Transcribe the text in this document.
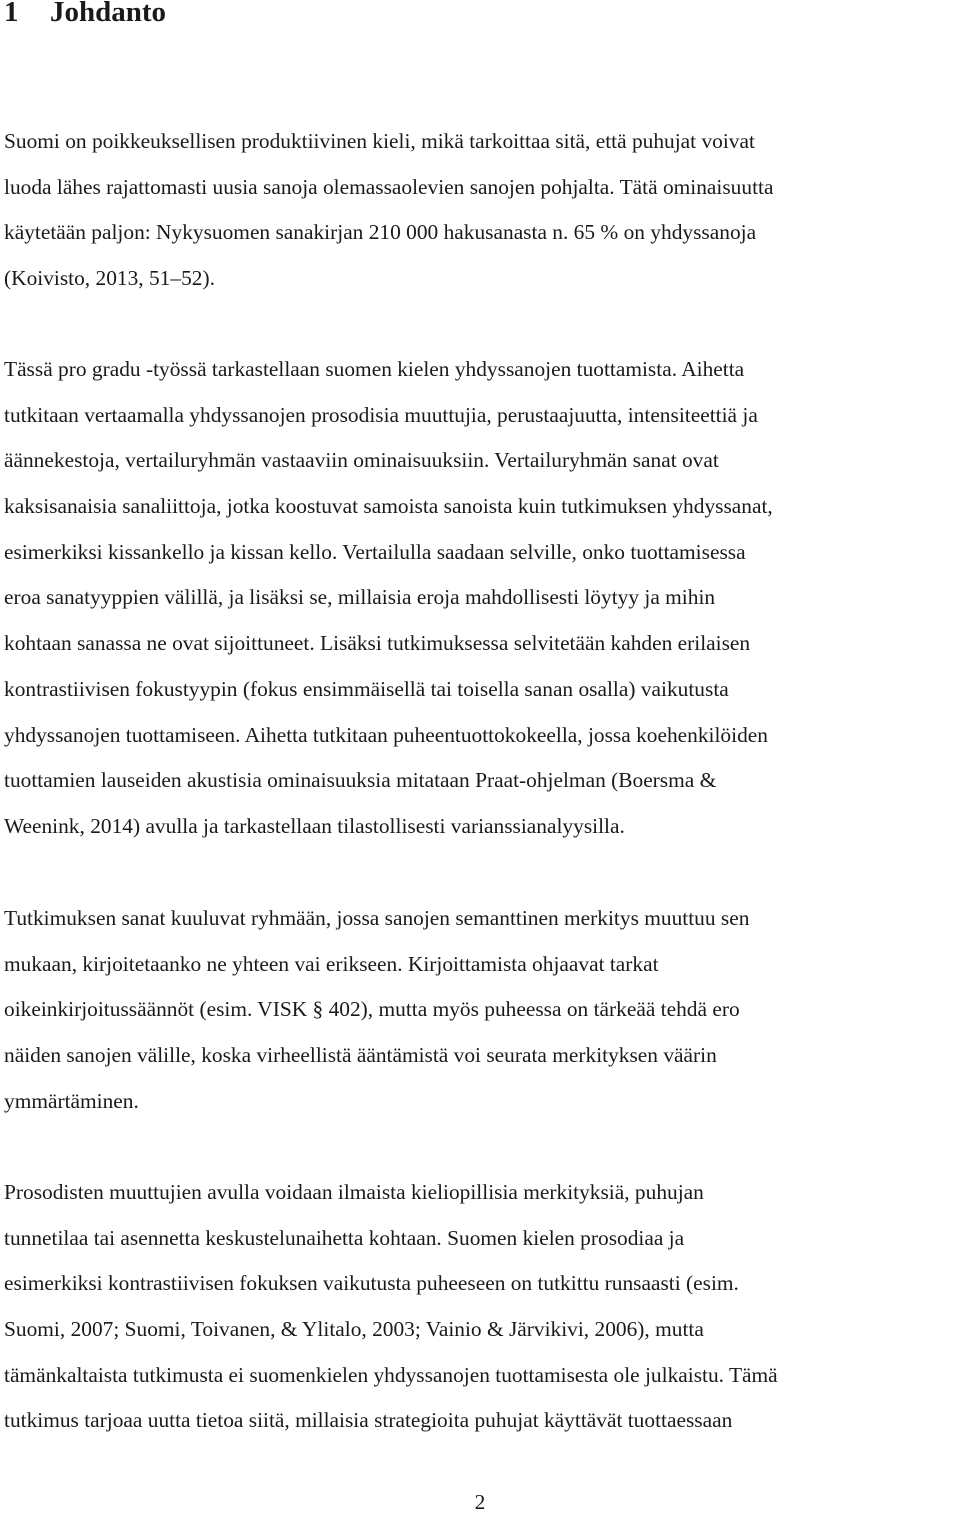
1 Johdanto
Suomi on poikkeuksellisen produktiivinen kieli, mikä tarkoittaa sitä, että puhujat voivat
luoda lähes rajattomasti uusia sanoja olemassaolevien sanojen pohjalta. Tätä ominaisuutta
käytetään paljon: Nykysuomen sanakirjan 210 000 hakusanasta n. 65 % on yhdyssanoja
(Koivisto, 2013, 51–52).
Tässä pro gradu -työssä tarkastellaan suomen kielen yhdyssanojen tuottamista. Aihetta
tutkitaan vertaamalla yhdyssanojen prosodisia muuttujia, perustaajuutta, intensiteettiä ja
äännekestoja, vertailuryhmän vastaaviin ominaisuuksiin. Vertailuryhmän sanat ovat
kaksisanaisia sanaliittoja, jotka koostuvat samoista sanoista kuin tutkimuksen yhdyssanat,
esimerkiksi kissankello ja kissan kello. Vertailulla saadaan selville, onko tuottamisessa
eroa sanatyyppien välillä, ja lisäksi se, millaisia eroja mahdollisesti löytyy ja mihin
kohtaan sanassa ne ovat sijoittuneet. Lisäksi tutkimuksessa selvitetään kahden erilaisen
kontrastiivisen fokustyypin (fokus ensimmäisellä tai toisella sanan osalla) vaikutusta
yhdyssanojen tuottamiseen. Aihetta tutkitaan puheentuottokokeella, jossa koehenkilöiden
tuottamien lauseiden akustisia ominaisuuksia mitataan Praat-ohjelman (Boersma &
Weenink, 2014) avulla ja tarkastellaan tilastollisesti varianssianalyysilla.
Tutkimuksen sanat kuuluvat ryhmään, jossa sanojen semanttinen merkitys muuttuu sen
mukaan, kirjoitetaanko ne yhteen vai erikseen. Kirjoittamista ohjaavat tarkat
oikeinkirjoitussäännöt (esim. VISK § 402), mutta myös puheessa on tärkeää tehdä ero
näiden sanojen välille, koska virheellistä ääntämistä voi seurata merkityksen väärin
ymmärtäminen.
Prosodisten muuttujien avulla voidaan ilmaista kieliopillisia merkityksiä, puhujan
tunnetilaa tai asennetta keskustelunaihetta kohtaan. Suomen kielen prosodiaa ja
esimerkiksi kontrastiivisen fokuksen vaikutusta puheeseen on tutkittu runsaasti (esim.
Suomi, 2007; Suomi, Toivanen, & Ylitalo, 2003; Vainio & Järvikivi, 2006), mutta
tämänkaltaista tutkimusta ei suomenkielen yhdyssanojen tuottamisesta ole julkaistu. Tämä
tutkimus tarjoaa uutta tietoa siitä, millaisia strategioita puhujat käyttävät tuottaessaan

2
